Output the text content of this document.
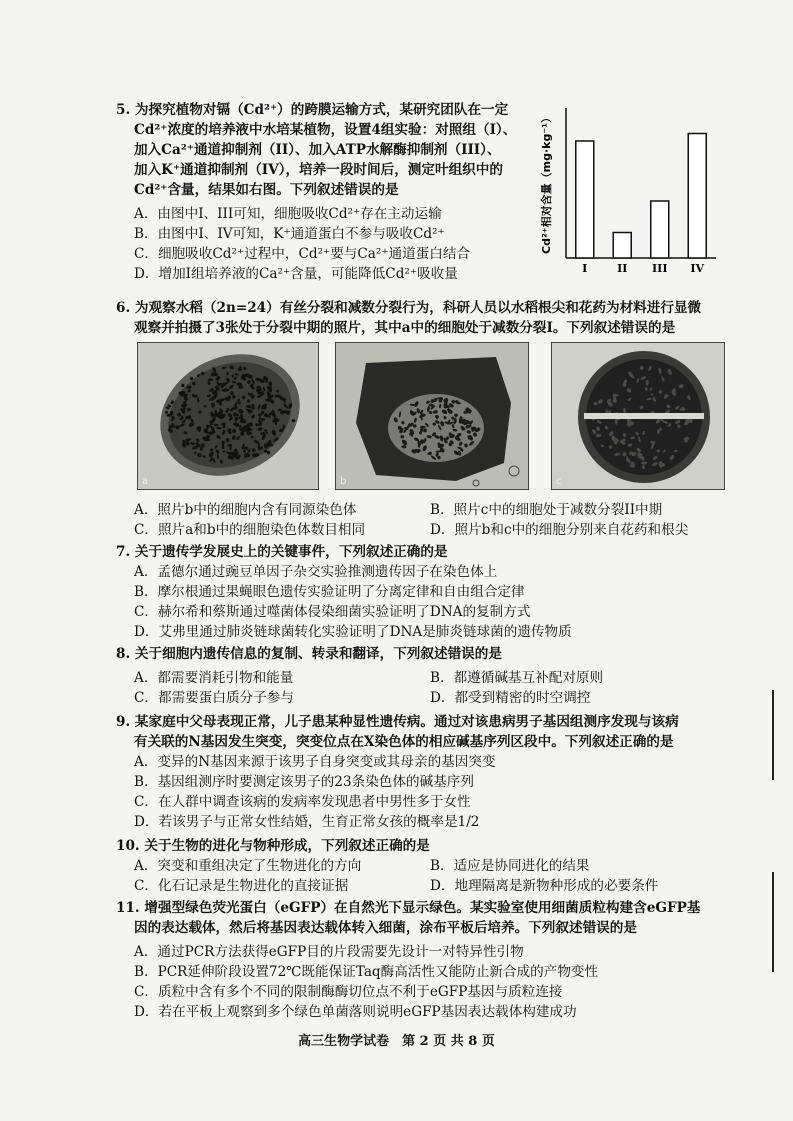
5. 为探究植物对镉（Cd²⁺）的跨膜运输方式，某研究团队在一定
Cd²⁺浓度的培养液中水培某植物，设置4组实验：对照组（I）、
加入Ca²⁺通道抑制剂（II）、加入ATP水解酶抑制剂（III）、
加入K⁺通道抑制剂（IV），培养一段时间后，测定叶组织中的
Cd²⁺含量，结果如右图。下列叙述错误的是
A．由图中I、III可知，细胞吸收Cd²⁺存在主动运输
B．由图中I、IV可知，K⁺通道蛋白不参与吸收Cd²⁺
C．细胞吸收Cd²⁺过程中，Cd²⁺要与Ca²⁺通道蛋白结合
D．增加I组培养液的Ca²⁺含量，可能降低Cd²⁺吸收量
Cd²⁺相对含量（mg·kg⁻¹）
I	II III IV
6. 为观察水稻（2n=24）有丝分裂和减数分裂行为，科研人员以水稻根尖和花药为材料进行显微
观察并拍摄了3张处于分裂中期的照片，其中a中的细胞处于减数分裂I。下列叙述错误的是
a	b	c
A．照片b中的细胞内含有同源染色体	B．照片c中的细胞处于减数分裂II中期
C．照片a和b中的细胞染色体数目相同	D．照片b和c中的细胞分别来自花药和根尖
7. 关于遗传学发展史上的关键事件，下列叙述正确的是
A．孟德尔通过豌豆单因子杂交实验推测遗传因子在染色体上
B．摩尔根通过果蝇眼色遗传实验证明了分离定律和自由组合定律
C．赫尔希和蔡斯通过噬菌体侵染细菌实验证明了DNA的复制方式
D．艾弗里通过肺炎链球菌转化实验证明了DNA是肺炎链球菌的遗传物质
8. 关于细胞内遗传信息的复制、转录和翻译，下列叙述错误的是
A．都需要消耗引物和能量	B．都遵循碱基互补配对原则
C．都需要蛋白质分子参与	D．都受到精密的时空调控
9. 某家庭中父母表现正常，儿子患某种显性遗传病。通过对该患病男子基因组测序发现与该病
有关联的N基因发生突变，突变位点在X染色体的相应碱基序列区段中。下列叙述正确的是
A．变异的N基因来源于该男子自身突变或其母亲的基因突变
B．基因组测序时要测定该男子的23条染色体的碱基序列
C．在人群中调查该病的发病率发现患者中男性多于女性
D．若该男子与正常女性结婚，生育正常女孩的概率是1/2
10. 关于生物的进化与物种形成，下列叙述正确的是
A．突变和重组决定了生物进化的方向	B．适应是协同进化的结果
C．化石记录是生物进化的直接证据	D．地理隔离是新物种形成的必要条件
11. 增强型绿色荧光蛋白（eGFP）在自然光下显示绿色。某实验室使用细菌质粒构建含eGFP基
因的表达载体，然后将基因表达载体转入细菌，涂布平板后培养。下列叙述错误的是
A．通过PCR方法获得eGFP目的片段需要先设计一对特异性引物
B．PCR延伸阶段设置72℃既能保证Taq酶高活性又能防止新合成的产物变性
C．质粒中含有多个不同的限制酶酶切位点不利于eGFP基因与质粒连接
D．若在平板上观察到多个绿色单菌落则说明eGFP基因表达载体构建成功
高三生物学试卷　第 2 页 共 8 页
